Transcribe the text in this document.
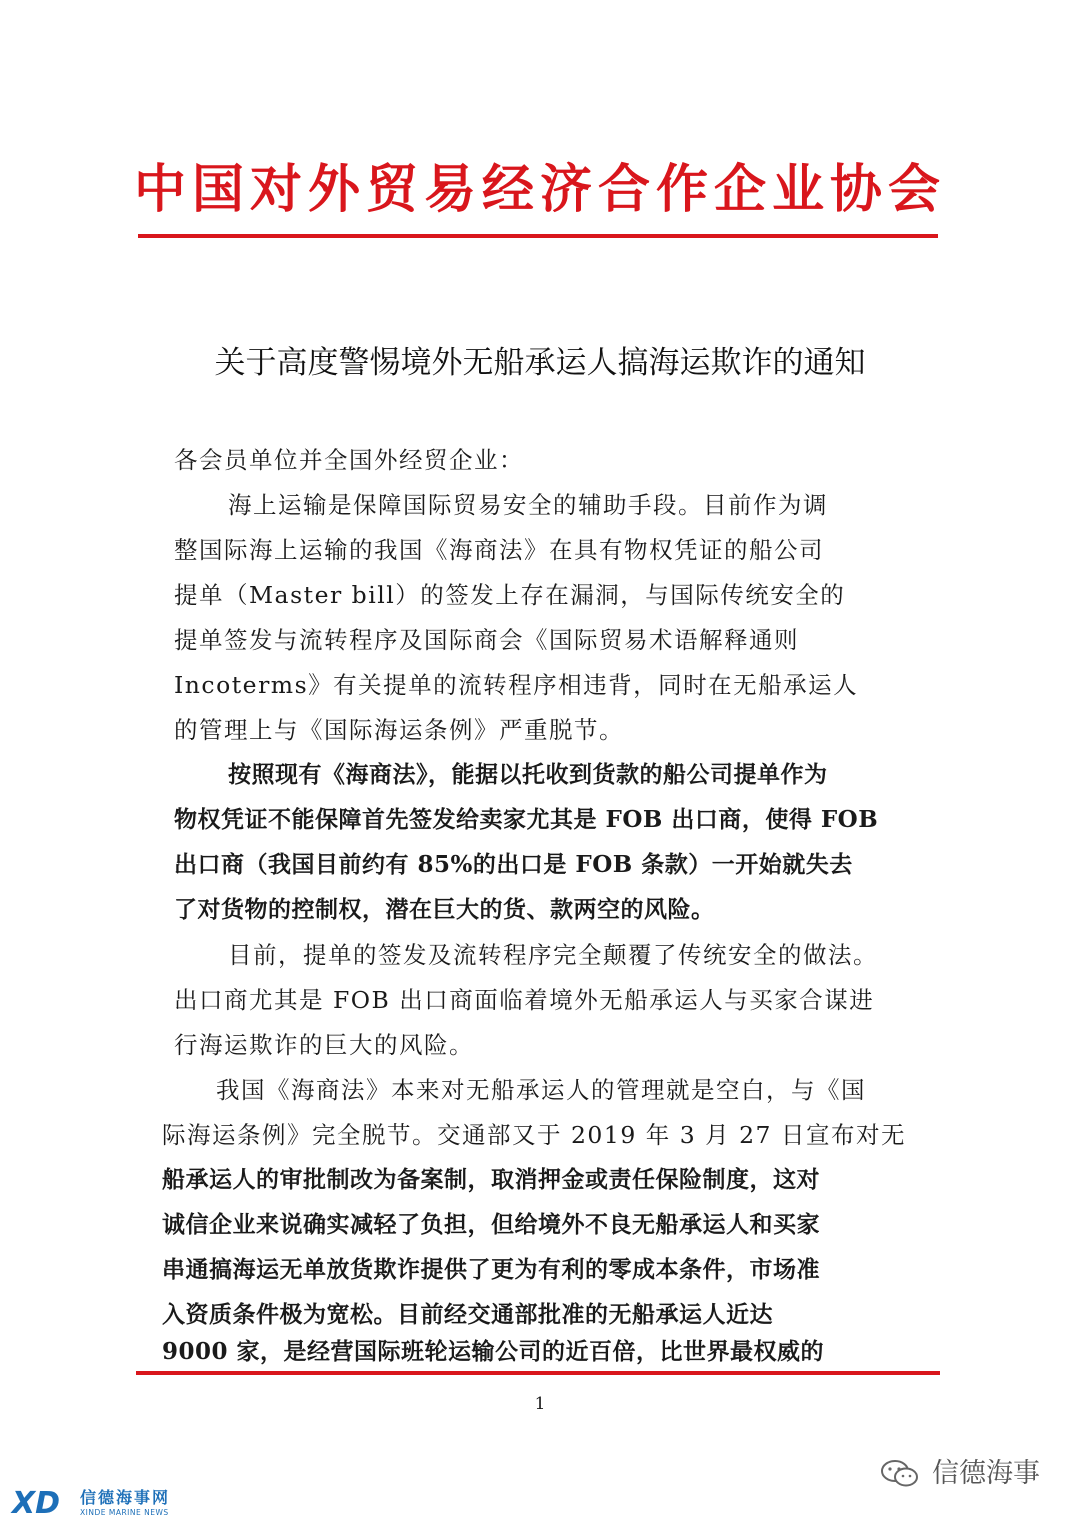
中国对外贸易经济合作企业协会
关于高度警惕境外无船承运人搞海运欺诈的通知
各会员单位并全国外经贸企业：
海上运输是保障国际贸易安全的辅助手段。目前作为调
整国际海上运输的我国《海商法》在具有物权凭证的船公司
提单（Master bill）的签发上存在漏洞，与国际传统安全的
提单签发与流转程序及国际商会《国际贸易术语解释通则
Incoterms》有关提单的流转程序相违背，同时在无船承运人
的管理上与《国际海运条例》严重脱节。
按照现有《海商法》，能据以托收到货款的船公司提单作为
物权凭证不能保障首先签发给卖家尤其是 FOB 出口商，使得 FOB
出口商（我国目前约有 85%的出口是 FOB 条款）一开始就失去
了对货物的控制权，潜在巨大的货、款两空的风险。
目前，提单的签发及流转程序完全颠覆了传统安全的做法。
出口商尤其是 FOB 出口商面临着境外无船承运人与买家合谋进
行海运欺诈的巨大的风险。
我国《海商法》本来对无船承运人的管理就是空白，与《国
际海运条例》完全脱节。交通部又于 2019 年 3 月 27 日宣布对无
船承运人的审批制改为备案制，取消押金或责任保险制度，这对
诚信企业来说确实减轻了负担，但给境外不良无船承运人和买家
串通搞海运无单放货欺诈提供了更为有利的零成本条件，市场准
入资质条件极为宽松。目前经交通部批准的无船承运人近达
9000 家，是经营国际班轮运输公司的近百倍，比世界最权威的
1
XD 信德海事网
XINDE MARINE NEWS
信德海事
